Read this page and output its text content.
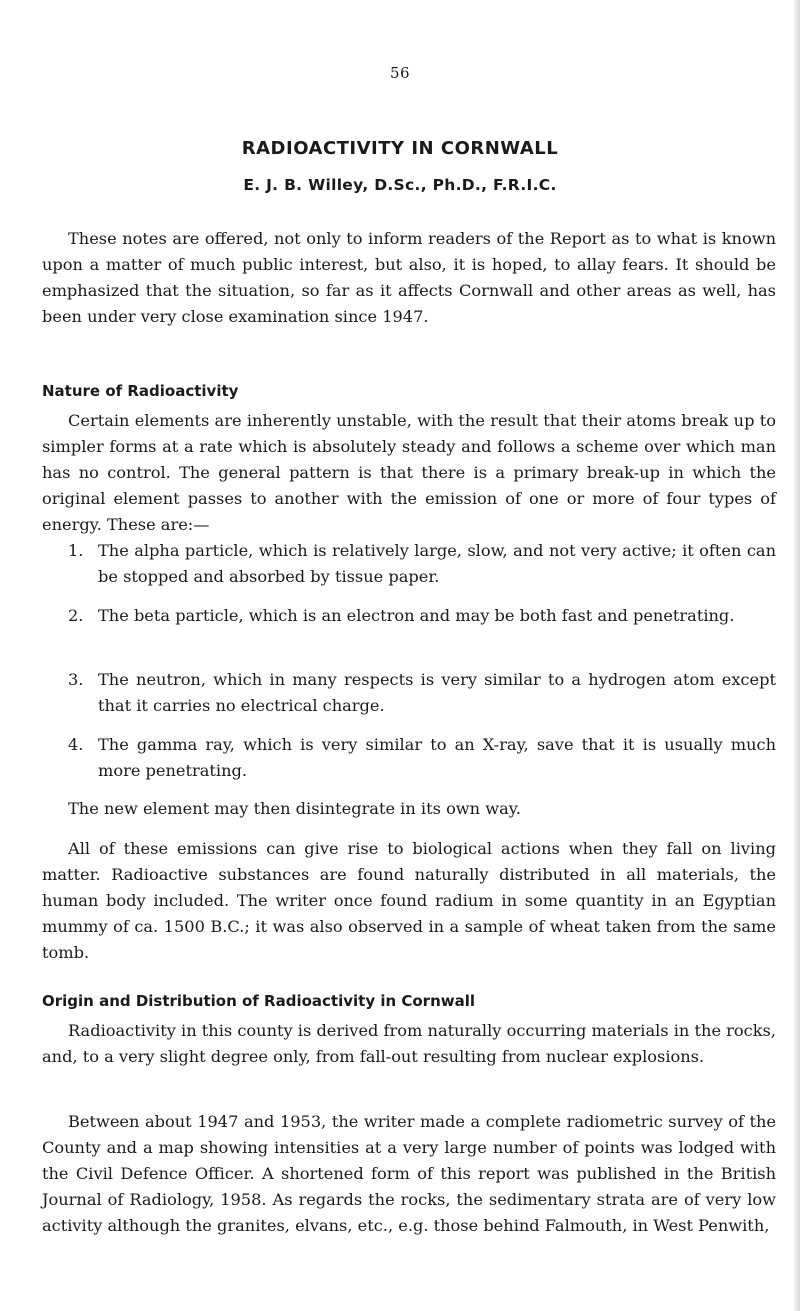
56
RADIOACTIVITY IN CORNWALL
E. J. B. Willey, D.Sc., Ph.D., F.R.I.C.
These notes are offered, not only to inform readers of the Report as to what is known upon a matter of much public interest, but also, it is hoped, to allay fears. It should be emphasized that the situation, so far as it affects Cornwall and other areas as well, has been under very close examination since 1947.
Nature of Radioactivity
Certain elements are inherently unstable, with the result that their atoms break up to simpler forms at a rate which is absolutely steady and follows a scheme over which man has no control. The general pattern is that there is a primary break-up in which the original element passes to another with the emission of one or more of four types of energy. These are:—
1. The alpha particle, which is relatively large, slow, and not very active; it often can be stopped and absorbed by tissue paper.
2. The beta particle, which is an electron and may be both fast and penetrating.
3. The neutron, which in many respects is very similar to a hydrogen atom except that it carries no electrical charge.
4. The gamma ray, which is very similar to an X-ray, save that it is usually much more penetrating.
The new element may then disintegrate in its own way.
All of these emissions can give rise to biological actions when they fall on living matter. Radioactive substances are found naturally distributed in all materials, the human body included. The writer once found radium in some quantity in an Egyptian mummy of ca. 1500 B.C.; it was also observed in a sample of wheat taken from the same tomb.
Origin and Distribution of Radioactivity in Cornwall
Radioactivity in this county is derived from naturally occurring materials in the rocks, and, to a very slight degree only, from fall-out resulting from nuclear explosions.
Between about 1947 and 1953, the writer made a complete radiometric survey of the County and a map showing intensities at a very large number of points was lodged with the Civil Defence Officer. A shortened form of this report was published in the British Journal of Radiology, 1958. As regards the rocks, the sedimentary strata are of very low activity although the granites, elvans, etc., e.g. those behind Falmouth, in West Penwith,
